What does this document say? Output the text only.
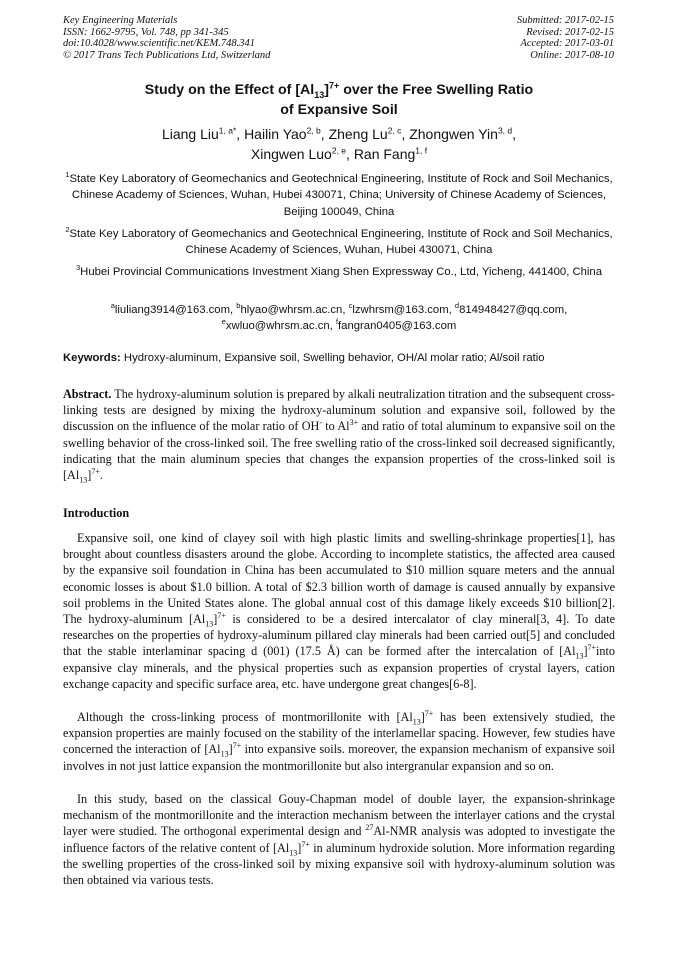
Key Engineering Materials
ISSN: 1662-9795, Vol. 748, pp 341-345
doi:10.4028/www.scientific.net/KEM.748.341
© 2017 Trans Tech Publications Ltd, Switzerland
Submitted: 2017-02-15
Revised: 2017-02-15
Accepted: 2017-03-01
Online: 2017-08-10
Study on the Effect of $[Al_{13}]^{7+}$ over the Free Swelling Ratio
of Expansive Soil
Liang Liu$^{1, a*}$, Hailin Yao$^{2, b}$, Zheng Lu$^{2, c}$, Zhongwen Yin$^{3, d}$,
Xingwen Luo$^{2, e}$, Ran Fang$^{1, f}$
$^1$State Key Laboratory of Geomechanics and Geotechnical Engineering, Institute of Rock and Soil Mechanics, Chinese Academy of Sciences, Wuhan, Hubei 430071, China; University of Chinese Academy of Sciences, Beijing 100049, China
$^2$State Key Laboratory of Geomechanics and Geotechnical Engineering, Institute of Rock and Soil Mechanics, Chinese Academy of Sciences, Wuhan, Hubei 430071, China
$^3$Hubei Provincial Communications Investment Xiang Shen Expressway Co., Ltd, Yicheng, 441400, China
$^a$liuliang3914@163.com, $^b$hlyao@whrsm.ac.cn, $^c$lzwhrsm@163.com, $^d$814948427@qq.com,
$^e$xwluo@whrsm.ac.cn, $^f$fangran0405@163.com
Keywords: Hydroxy-aluminum, Expansive soil, Swelling behavior, OH/Al molar ratio; Al/soil ratio
Abstract. The hydroxy-aluminum solution is prepared by alkali neutralization titration and the subsequent cross-linking tests are designed by mixing the hydroxy-aluminum solution and expansive soil, followed by the discussion on the influence of the molar ratio of OH- to $Al^{3+}$ and ratio of total aluminum to expansive soil on the swelling behavior of the cross-linked soil. The free swelling ratio of the cross-linked soil decreased significantly, indicating that the main aluminum species that changes the expansion properties of the cross-linked soil is $[Al_{13}]^{7+}$.
Introduction
Expansive soil, one kind of clayey soil with high plastic limits and swelling-shrinkage properties[1], has brought about countless disasters around the globe. According to incomplete statistics, the affected area caused by the expansive soil foundation in China has been accumulated to $10 million square meters and the annual economic losses is about $1.0 billion. A total of $2.3 billion worth of damage is caused annually by expansive soil problems in the United States alone. The global annual cost of this damage likely exceeds $10 billion[2]. The hydroxy-aluminum $[Al_{13}]^{7+}$ is considered to be a desired intercalator of clay mineral[3, 4]. To date researches on the properties of hydroxy-aluminum pillared clay minerals had been carried out[5] and concluded that the stable interlaminar spacing d (001) (17.5 Å) can be formed after the intercalation of $[Al_{13}]^{7+}into$ expansive clay minerals, and the physical properties such as expansion properties of crystal layers, cation exchange capacity and specific surface area, etc. have undergone great changes[6-8].
Although the cross-linking process of montmorillonite with $[Al_{13}]^{7+}$ has been extensively studied, the expansion properties are mainly focused on the stability of the interlamellar spacing. However, few studies have concerned the interaction of $[Al_{13}]^{7+}$ into expansive soils. moreover, the expansion mechanism of expansive soil involves in not just lattice expansion the montmorillonite but also intergranular expansion and so on.
In this study, based on the classical Gouy-Chapman model of double layer, the expansion-shrinkage mechanism of the montmorillonite and the interaction mechanism between the interlayer cations and the crystal layer were studied. The orthogonal experimental design and $^{27}$Al-NMR analysis was adopted to investigate the influence factors of the relative content of $[Al_{13}]^{7+}$ in aluminum hydroxide solution. More information regarding the swelling properties of the cross-linked soil by mixing expansive soil with hydroxy-aluminum solution was then obtained via various tests.
